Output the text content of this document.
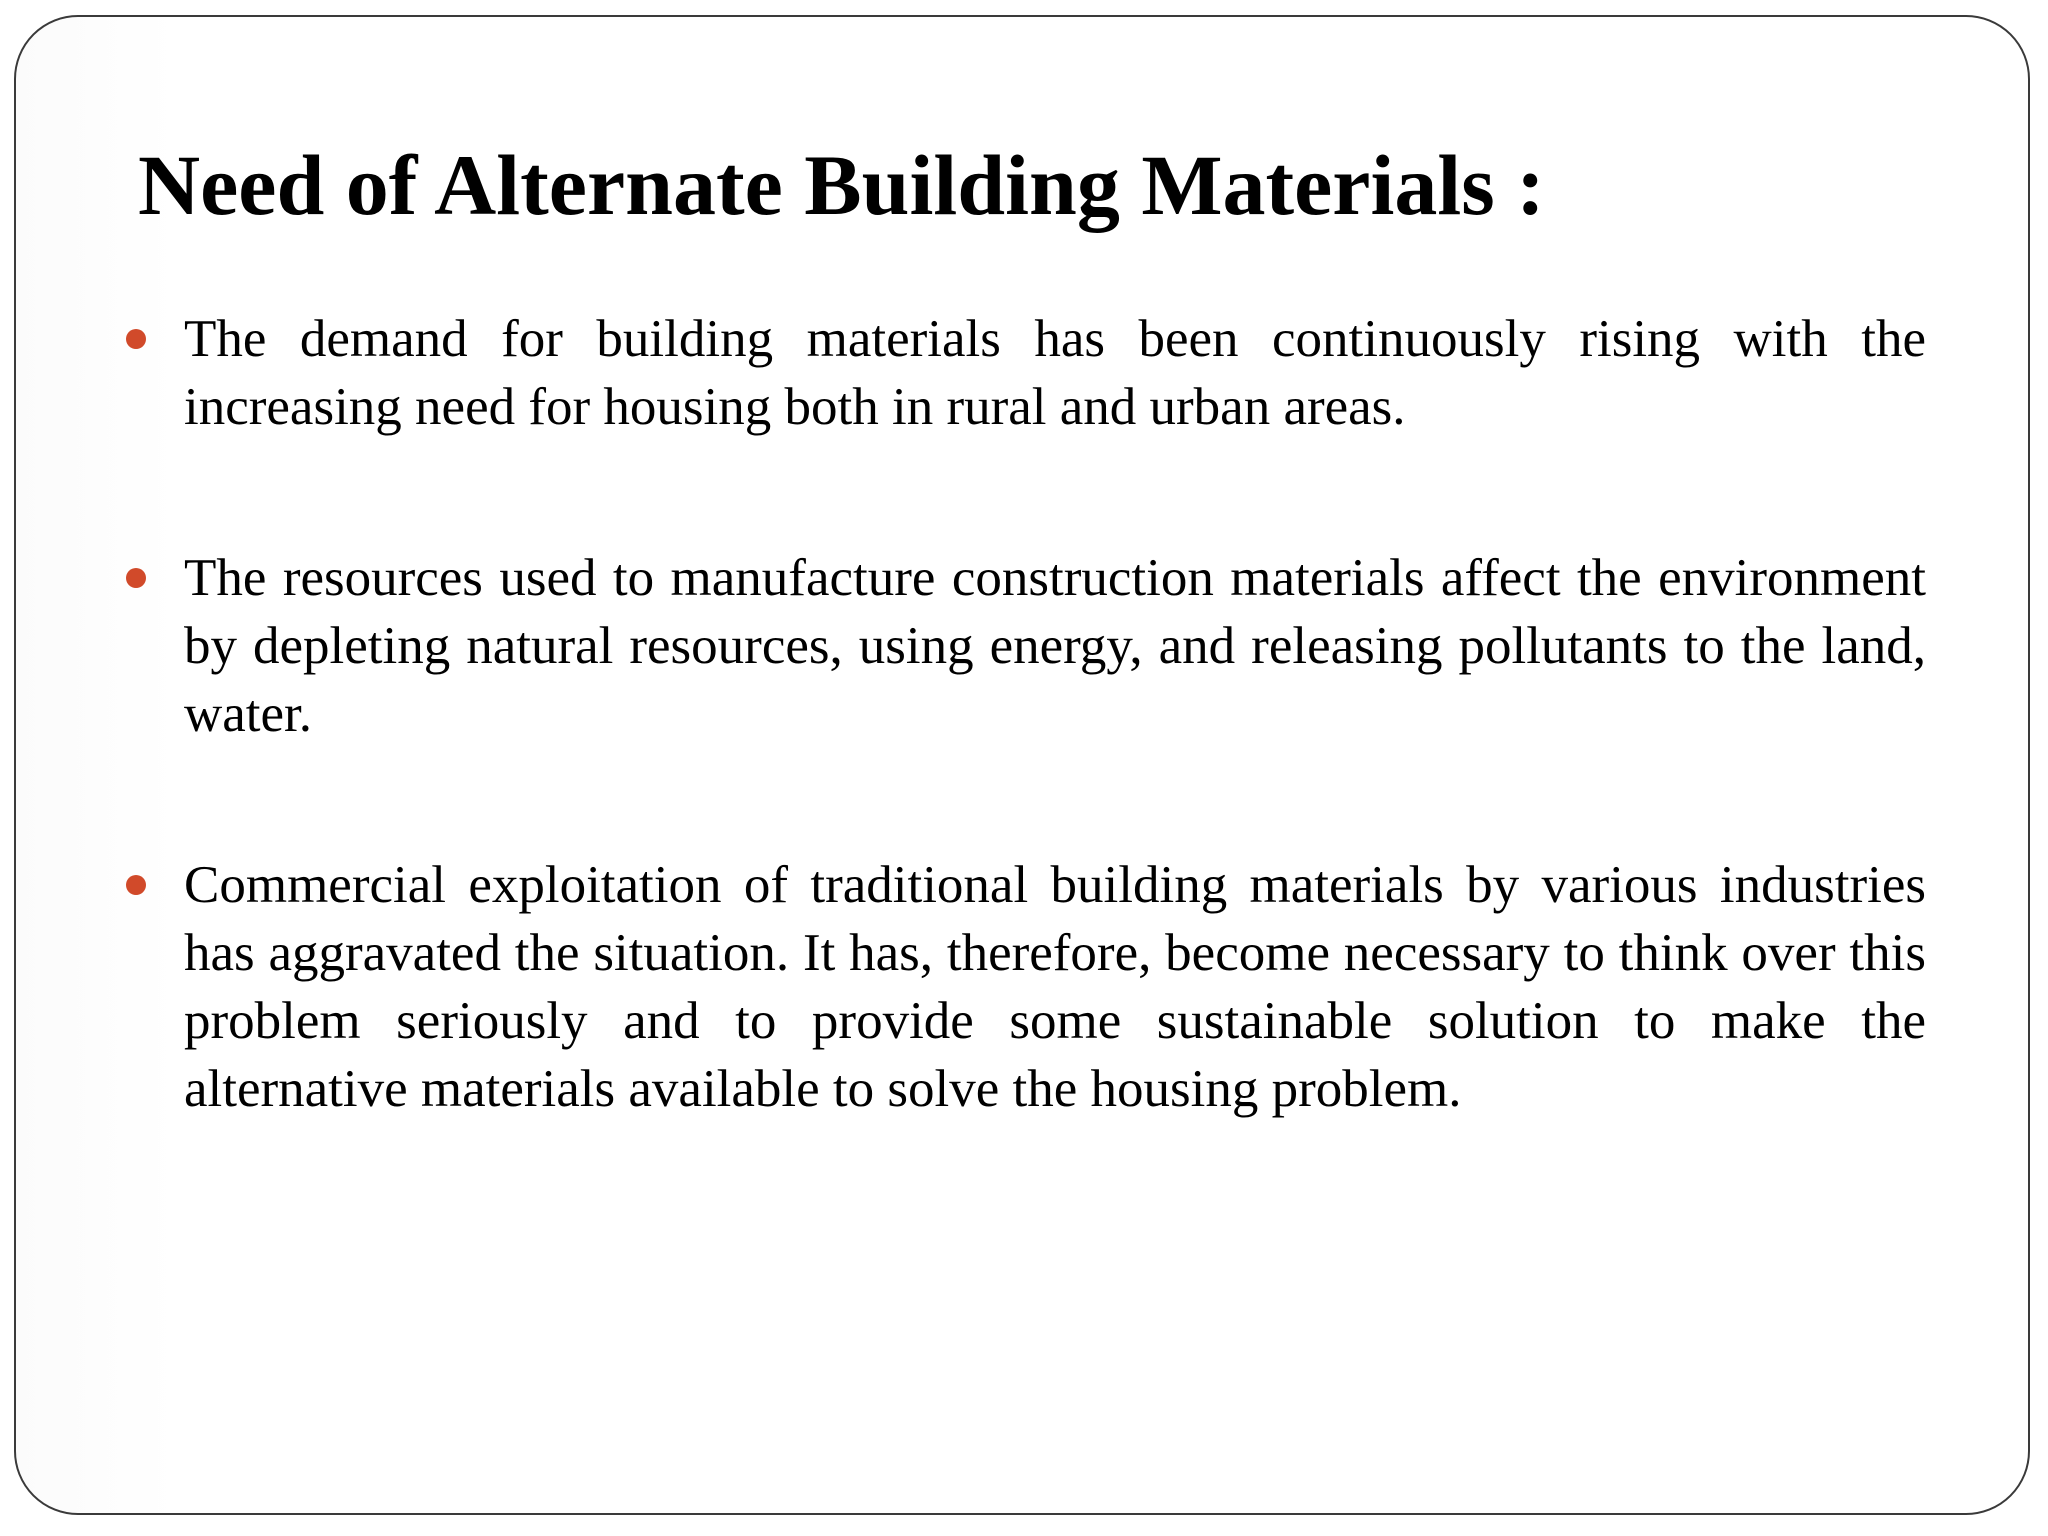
Need of Alternate Building Materials :
The demand for building materials has been continuously rising with the increasing need for housing both in rural and urban areas.
The resources used to manufacture construction materials affect the environment by depleting natural resources, using energy, and releasing pollutants to the land, water.
Commercial exploitation of traditional building materials by various industries has aggravated the situation. It has, therefore, become necessary to think over this problem seriously and to provide some sustainable solution to make the alternative materials available to solve the housing problem.
